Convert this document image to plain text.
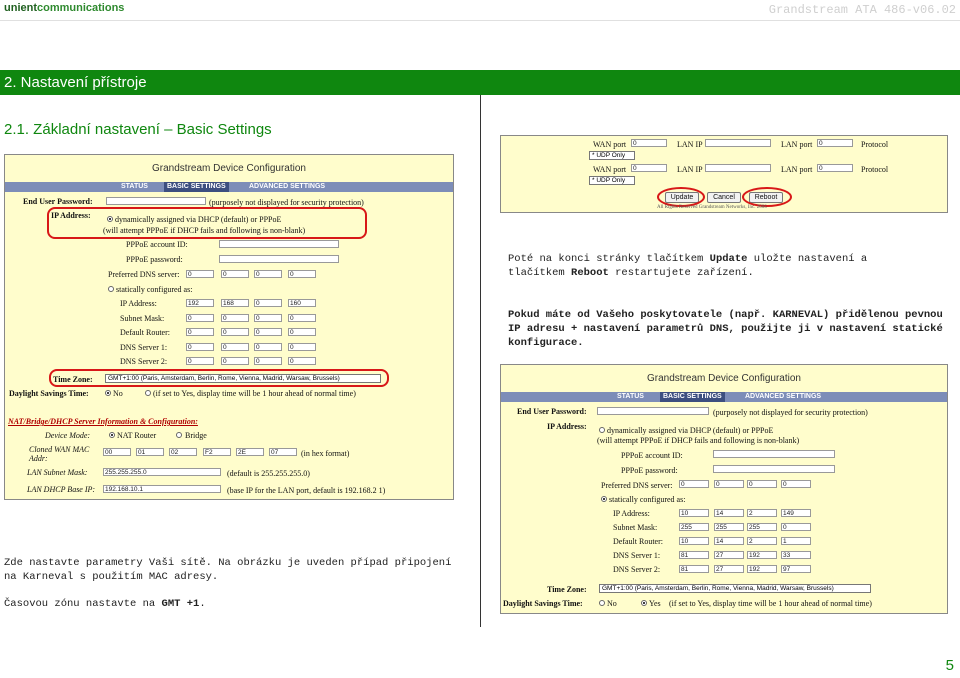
unientcommunications	Grandstream ATA 486-v06.02
2. Nastavení přístroje
2.1. Základní nastavení – Basic Settings
Grandstream Device Configuration
STATUS	BASIC SETTINGS	ADVANCED SETTINGS
End User Password:	(purposely not displayed for security protection)
IP Address:	dynamically assigned via DHCP (default) or PPPoE
(will attempt PPPoE if DHCP fails and following is non-blank)
PPPoE account ID:
PPPoE password:
Preferred DNS server:	0	0	0	0
statically configured as:
IP Address:	192	168	0	160
Subnet Mask:	0	0	0	0
Default Router:	0	0	0	0
DNS Server 1:	0	0	0	0
DNS Server 2:	0	0	0	0
Time Zone:	GMT+1:00 (Paris, Amsterdam, Berlin, Rome, Vienna, Madrid, Warsaw, Brussels)
Daylight Savings Time:	No	(if set to Yes, display time will be 1 hour ahead of normal time)
NAT/Bridge/DHCP Server Information & Configuration:
Device Mode:	NAT Router	Bridge
Cloned WAN MAC Addr:
00	01	02	F2	2E	07	(in hex format)
LAN Subnet Mask:	255.255.255.0	(default is 255.255.255.0)
LAN DHCP Base IP:	192.168.10.1	(base IP for the LAN port, default is 192.168.2 1)
WAN port	0	LAN IP	LAN port	0	Protocol
* UDP Only
WAN port	0	LAN IP	LAN port	0	Protocol
* UDP Only
Update	Cancel	Reboot
All Rights Reserved Grandstream Networks, Inc. 2006
Poté na konci stránky tlačítkem Update uložte nastavení a tlačítkem Reboot restartujete zařízení.
Pokud máte od Vašeho poskytovatele (např. KARNEVAL) přidělenou pevnou IP adresu + nastavení parametrů DNS, použijte ji v nastavení statické konfigurace.
Grandstream Device Configuration
STATUS	BASIC SETTINGS	ADVANCED SETTINGS
End User Password:	(purposely not displayed for security protection)
IP Address:	dynamically assigned via DHCP (default) or PPPoE
(will attempt PPPoE if DHCP fails and following is non-blank)
PPPoE account ID:
PPPoE password:
Preferred DNS server:	0	0	0	0
statically configured as:
IP Address:	10	14	2	149
Subnet Mask:	255	255	255	0
Default Router:	10	14	2	1
DNS Server 1:	81	27	192	33
DNS Server 2:	81	27	192	97
Time Zone:	GMT+1:00 (Paris, Amsterdam, Berlin, Rome, Vienna, Madrid, Warsaw, Brussels)
Daylight Savings Time:	No	Yes (if set to Yes, display time will be 1 hour ahead of normal time)
Zde nastavte parametry Vaši sítě. Na obrázku je uveden případ připojení na Karneval s použitím MAC adresy.
Časovou zónu nastavte na GMT +1.
5
